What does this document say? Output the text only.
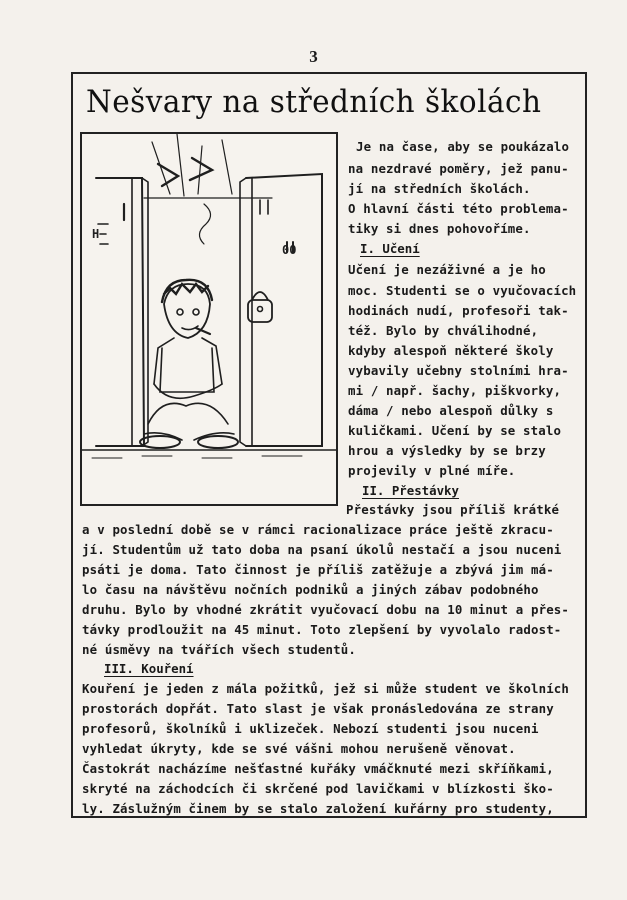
3
Nešvary na středních školách
H
00
Je na čase, aby se poukázalo
na nezdravé poměry, jež panu-
jí na středních školách.
O hlavní části této problema-
tiky si dnes pohovoříme.
I. Učení
Učení je nezáživné a je ho
moc. Studenti se o vyučovacích
hodinách nudí, profesoři tak-
též. Bylo by chválihodné,
kdyby alespoň některé školy
vybavily učebny stolními hra-
mi / např. šachy, piškvorky,
dáma / nebo alespoň důlky s
kuličkami. Učení by se stalo
hrou a výsledky by se brzy
projevily v plné míře.
II. Přestávky
Přestávky jsou příliš krátké
a v poslední době se v rámci racionalizace práce ještě zkracu-
jí. Studentům už tato doba na psaní úkolů nestačí a jsou nuceni
psáti je doma. Tato činnost je příliš zatěžuje a zbývá jim má-
lo času na návštěvu nočních podniků a jiných zábav podobného
druhu. Bylo by vhodné zkrátit vyučovací dobu na 10 minut a přes-
távky prodloužit na 45 minut. Toto zlepšení by vyvolalo radost-
né úsměvy na tvářích všech studentů.
III. Kouření
Kouření je jeden z mála požitků, jež si může student ve školních
prostorách dopřát. Tato slast je však pronásledována ze strany
profesorů, školníků i uklizeček. Nebozí studenti jsou nuceni
vyhledat úkryty, kde se své vášni mohou nerušeně věnovat.
Častokrát nacházíme nešťastné kuřáky vmáčknuté mezi skříňkami,
skryté na záchodcích či skrčené pod lavičkami v blízkosti ško-
ly. Záslužným činem by se stalo založení kuřárny pro studenty,
